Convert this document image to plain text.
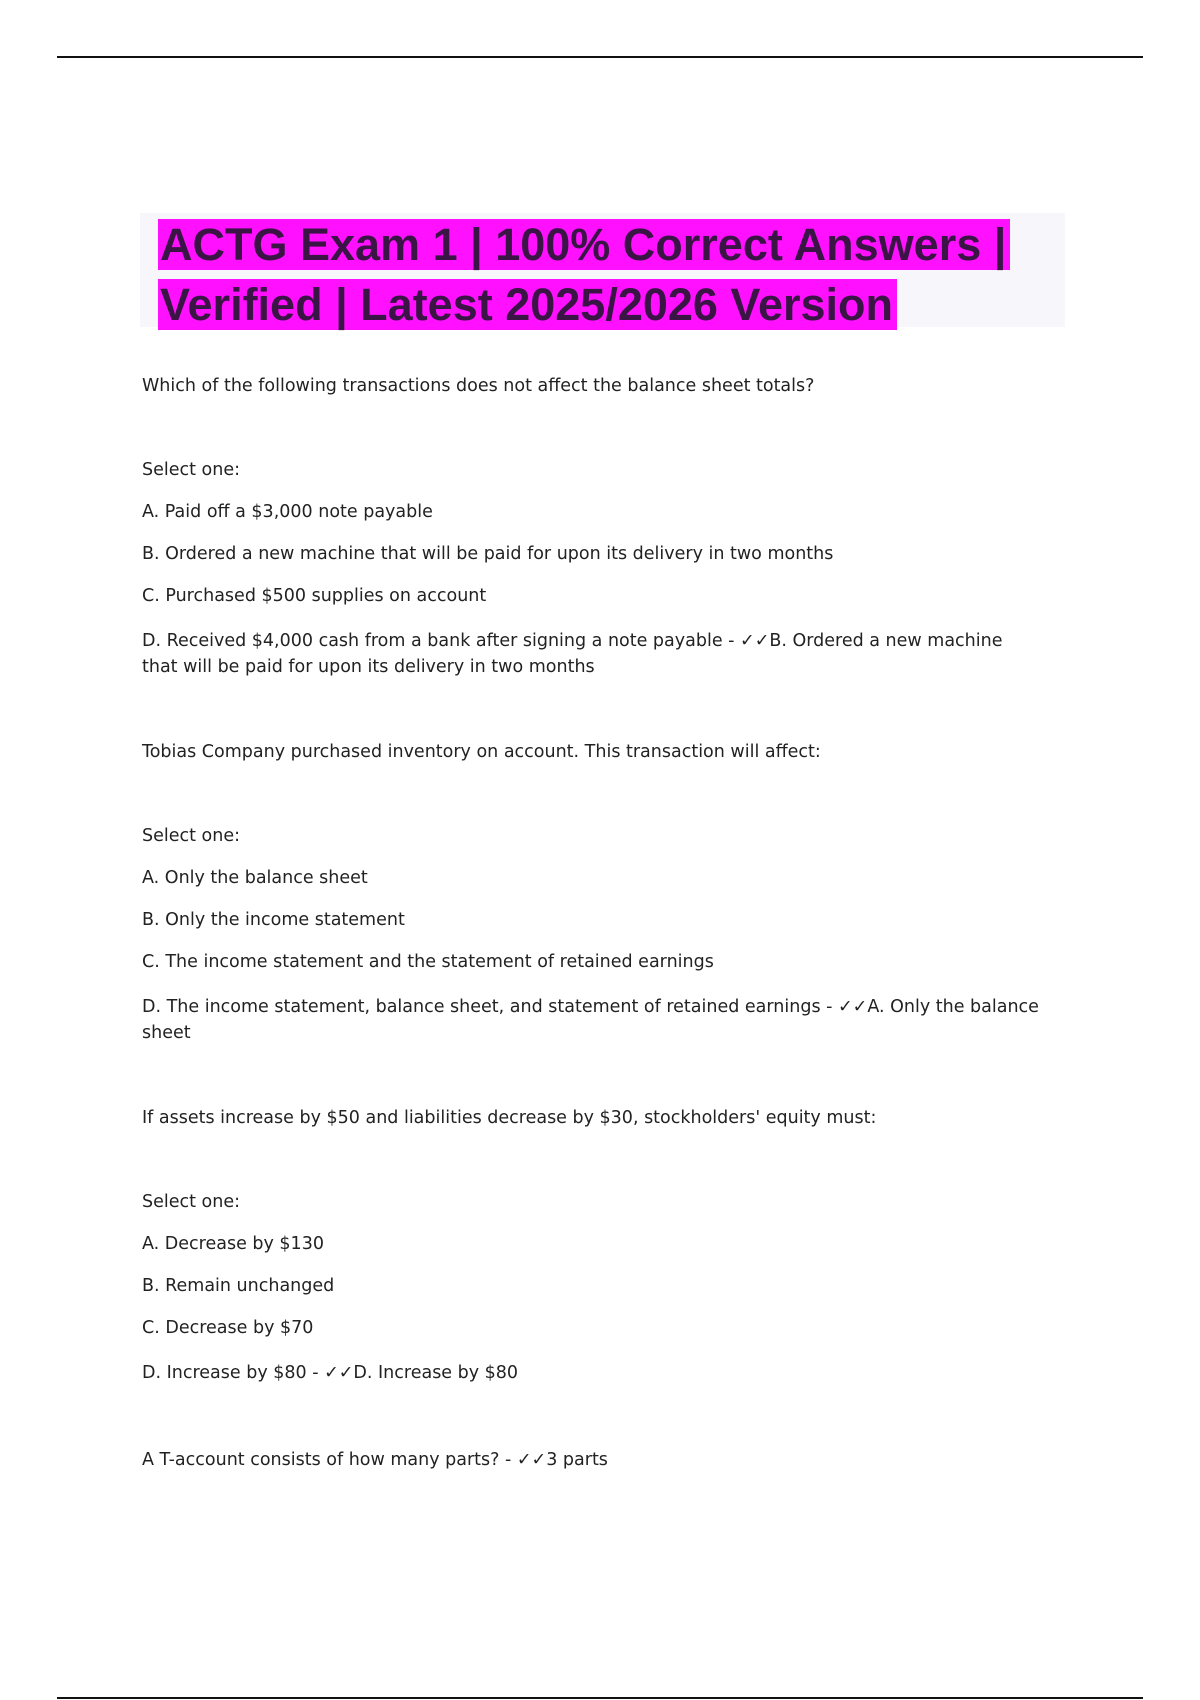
ACTG Exam 1 | 100% Correct Answers |
Verified | Latest 2025/2026 Version

Which of the following transactions does not affect the balance sheet totals?

Select one:

A. Paid off a $3,000 note payable

B. Ordered a new machine that will be paid for upon its delivery in two months

C. Purchased $500 supplies on account

D. Received $4,000 cash from a bank after signing a note payable - ✓✓B. Ordered a new machine that will be paid for upon its delivery in two months

Tobias Company purchased inventory on account. This transaction will affect:

Select one:

A. Only the balance sheet

B. Only the income statement

C. The income statement and the statement of retained earnings

D. The income statement, balance sheet, and statement of retained earnings - ✓✓A. Only the balance sheet

If assets increase by $50 and liabilities decrease by $30, stockholders' equity must:

Select one:

A. Decrease by $130

B. Remain unchanged

C. Decrease by $70

D. Increase by $80 - ✓✓D. Increase by $80

A T-account consists of how many parts? - ✓✓3 parts
